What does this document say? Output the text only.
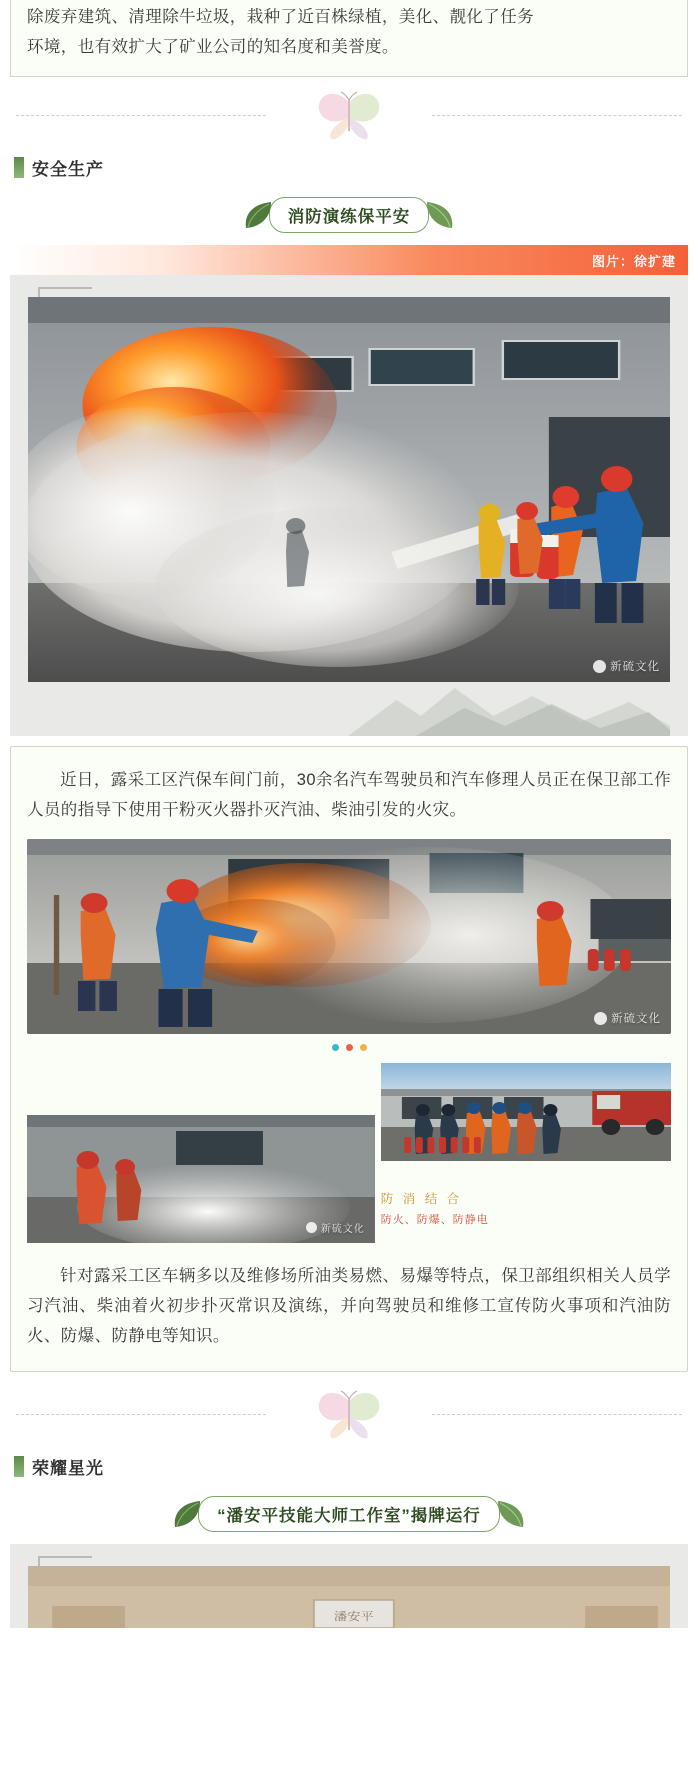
除废弃建筑、清理除牛垃圾，栽种了近百株绿植，美化、靓化了任务

环境，也有效扩大了矿业公司的知名度和美誉度。

安全生产
消防演练保平安
图片：徐扩建
新硫文化

近日，露采工区汽保车间门前，30余名汽车驾驶员和汽车修理人员正在保卫部工作人员的指导下使用干粉灭火器扑灭汽油、柴油引发的火灾。

新硫文化
新硫文化
防 消 结 合
防火、防爆、防静电

针对露采工区车辆多以及维修场所油类易燃、易爆等特点，保卫部组织相关人员学习汽油、柴油着火初步扑灭常识及演练，并向驾驶员和维修工宣传防火事项和汽油防火、防爆、防静电等知识。

荣耀星光
“潘安平技能大师工作室”揭牌运行
潘安平
